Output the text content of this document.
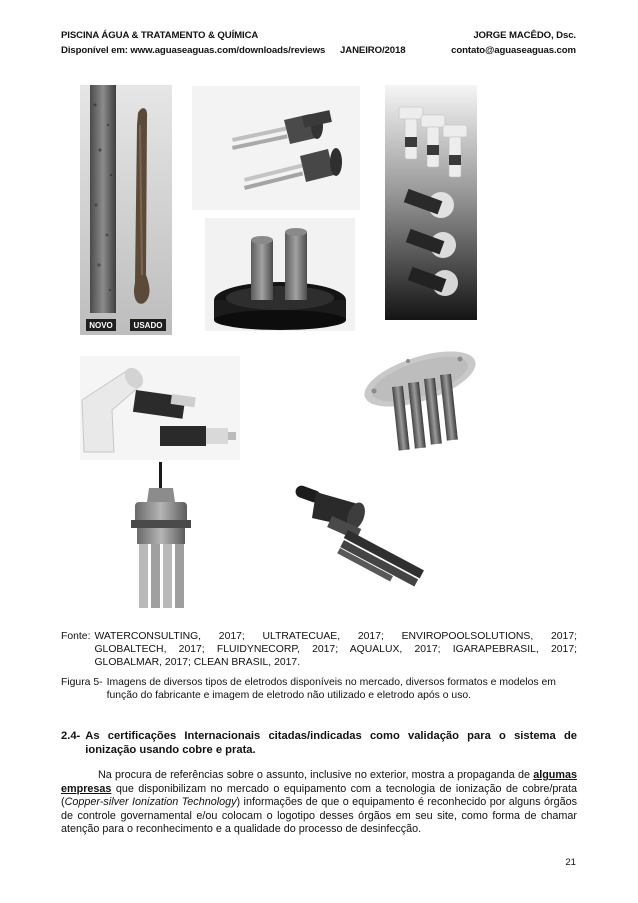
PISCINA ÁGUA & TRATAMENTO & QUÍMICA	JORGE MACÊDO, Dsc.
Disponível em: www.aguaseaguas.com/downloads/reviews JANEIRO/2018	contato@aguaseaguas.com
NOVO	USADO
Fonte: WATERCONSULTING, 2017; ULTRATECUAE, 2017; ENVIROPOOLSOLUTIONS, 2017; GLOBALTECH, 2017; FLUIDYNECORP, 2017; AQUALUX, 2017; IGARAPEBRASIL, 2017; GLOBALMAR, 2017; CLEAN BRASIL, 2017.
Figura 5- Imagens de diversos tipos de eletrodos disponíveis no mercado, diversos formatos e modelos em função do fabricante e imagem de eletrodo não utilizado e eletrodo após o uso.
2.4- As certificações Internacionais citadas/indicadas como validação para o sistema de ionização usando cobre e prata.
Na procura de referências sobre o assunto, inclusive no exterior, mostra a propaganda de algumas empresas que disponibilizam no mercado o equipamento com a tecnologia de ionização de cobre/prata (Copper-silver Ionization Technology) informações de que o equipamento é reconhecido por alguns órgãos de controle governamental e/ou colocam o logotipo desses órgãos em seu site, como forma de chamar atenção para o reconhecimento e a qualidade do processo de desinfecção.
21
